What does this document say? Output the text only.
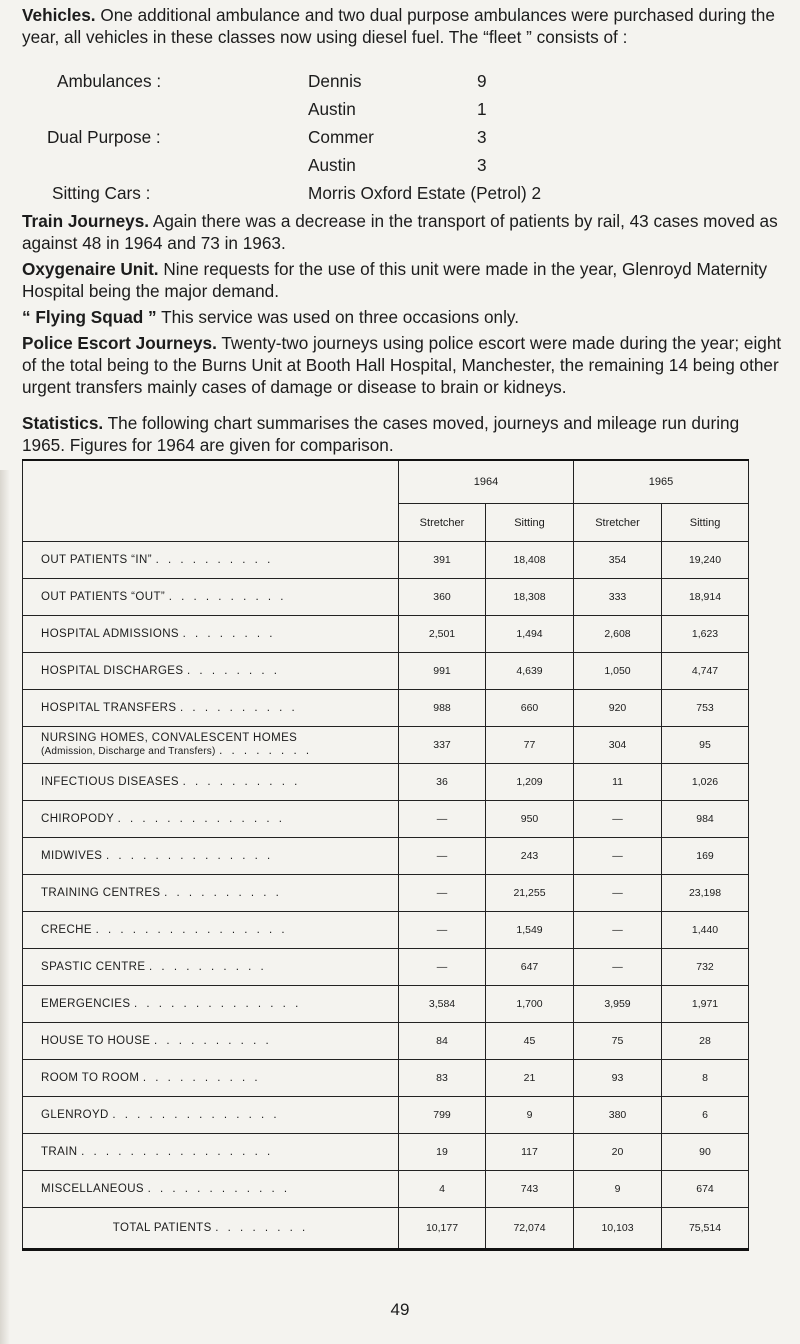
Vehicles. One additional ambulance and two dual purpose ambulances were purchased during the year, all vehicles in these classes now using diesel fuel. The “fleet ” consists of :

Ambulances :	Dennis	9
Austin	1
Dual Purpose :	Commer	3
Austin	3
Sitting Cars :	Morris Oxford Estate (Petrol) 2

Train Journeys. Again there was a decrease in the transport of patients by rail, 43 cases moved as against 48 in 1964 and 73 in 1963.

Oxygenaire Unit. Nine requests for the use of this unit were made in the year, Glenroyd Maternity Hospital being the major demand.

“ Flying Squad ” This service was used on three occasions only.

Police Escort Journeys. Twenty-two journeys using police escort were made during the year; eight of the total being to the Burns Unit at Booth Hall Hospital, Manchester, the remaining 14 being other urgent transfers mainly cases of damage or disease to brain or kidneys.

Statistics. The following chart summarises the cases moved, journeys and mileage run during 1965. Figures for 1964 are given for comparison.

	1964		1965	
	Stretcher	Sitting	Stretcher	Sitting
OUT PATIENTS “IN” . . . . . . . . . .	391	18,408	354	19,240
OUT PATIENTS “OUT” . . . . . . . . . .	360	18,308	333	18,914
HOSPITAL ADMISSIONS . . . . . . . .	2,501	1,494	2,608	1,623
HOSPITAL DISCHARGES . . . . . . . .	991	4,639	1,050	4,747
HOSPITAL TRANSFERS . . . . . . . . . .	988	660	920	753
NURSING HOMES, CONVALESCENT HOMES
(Admission, Discharge and Transfers) . . . . . . . .	337	77	304	95
INFECTIOUS DISEASES . . . . . . . . . .	36	1,209	11	1,026
CHIROPODY . . . . . . . . . . . . . .	—	950	—	984
MIDWIVES . . . . . . . . . . . . . .	—	243	—	169
TRAINING CENTRES . . . . . . . . . .	—	21,255	—	23,198
CRECHE . . . . . . . . . . . . . . . .	—	1,549	—	1,440
SPASTIC CENTRE . . . . . . . . . .	—	647	—	732
EMERGENCIES . . . . . . . . . . . . . .	3,584	1,700	3,959	1,971
HOUSE TO HOUSE . . . . . . . . . .	84	45	75	28
ROOM TO ROOM . . . . . . . . . .	83	21	93	8
GLENROYD . . . . . . . . . . . . . .	799	9	380	6
TRAIN . . . . . . . . . . . . . . . .	19	117	20	90
MISCELLANEOUS . . . . . . . . . . . .	4	743	9	674
TOTAL PATIENTS . . . . . . . .	10,177	72,074	10,103	75,514
49
